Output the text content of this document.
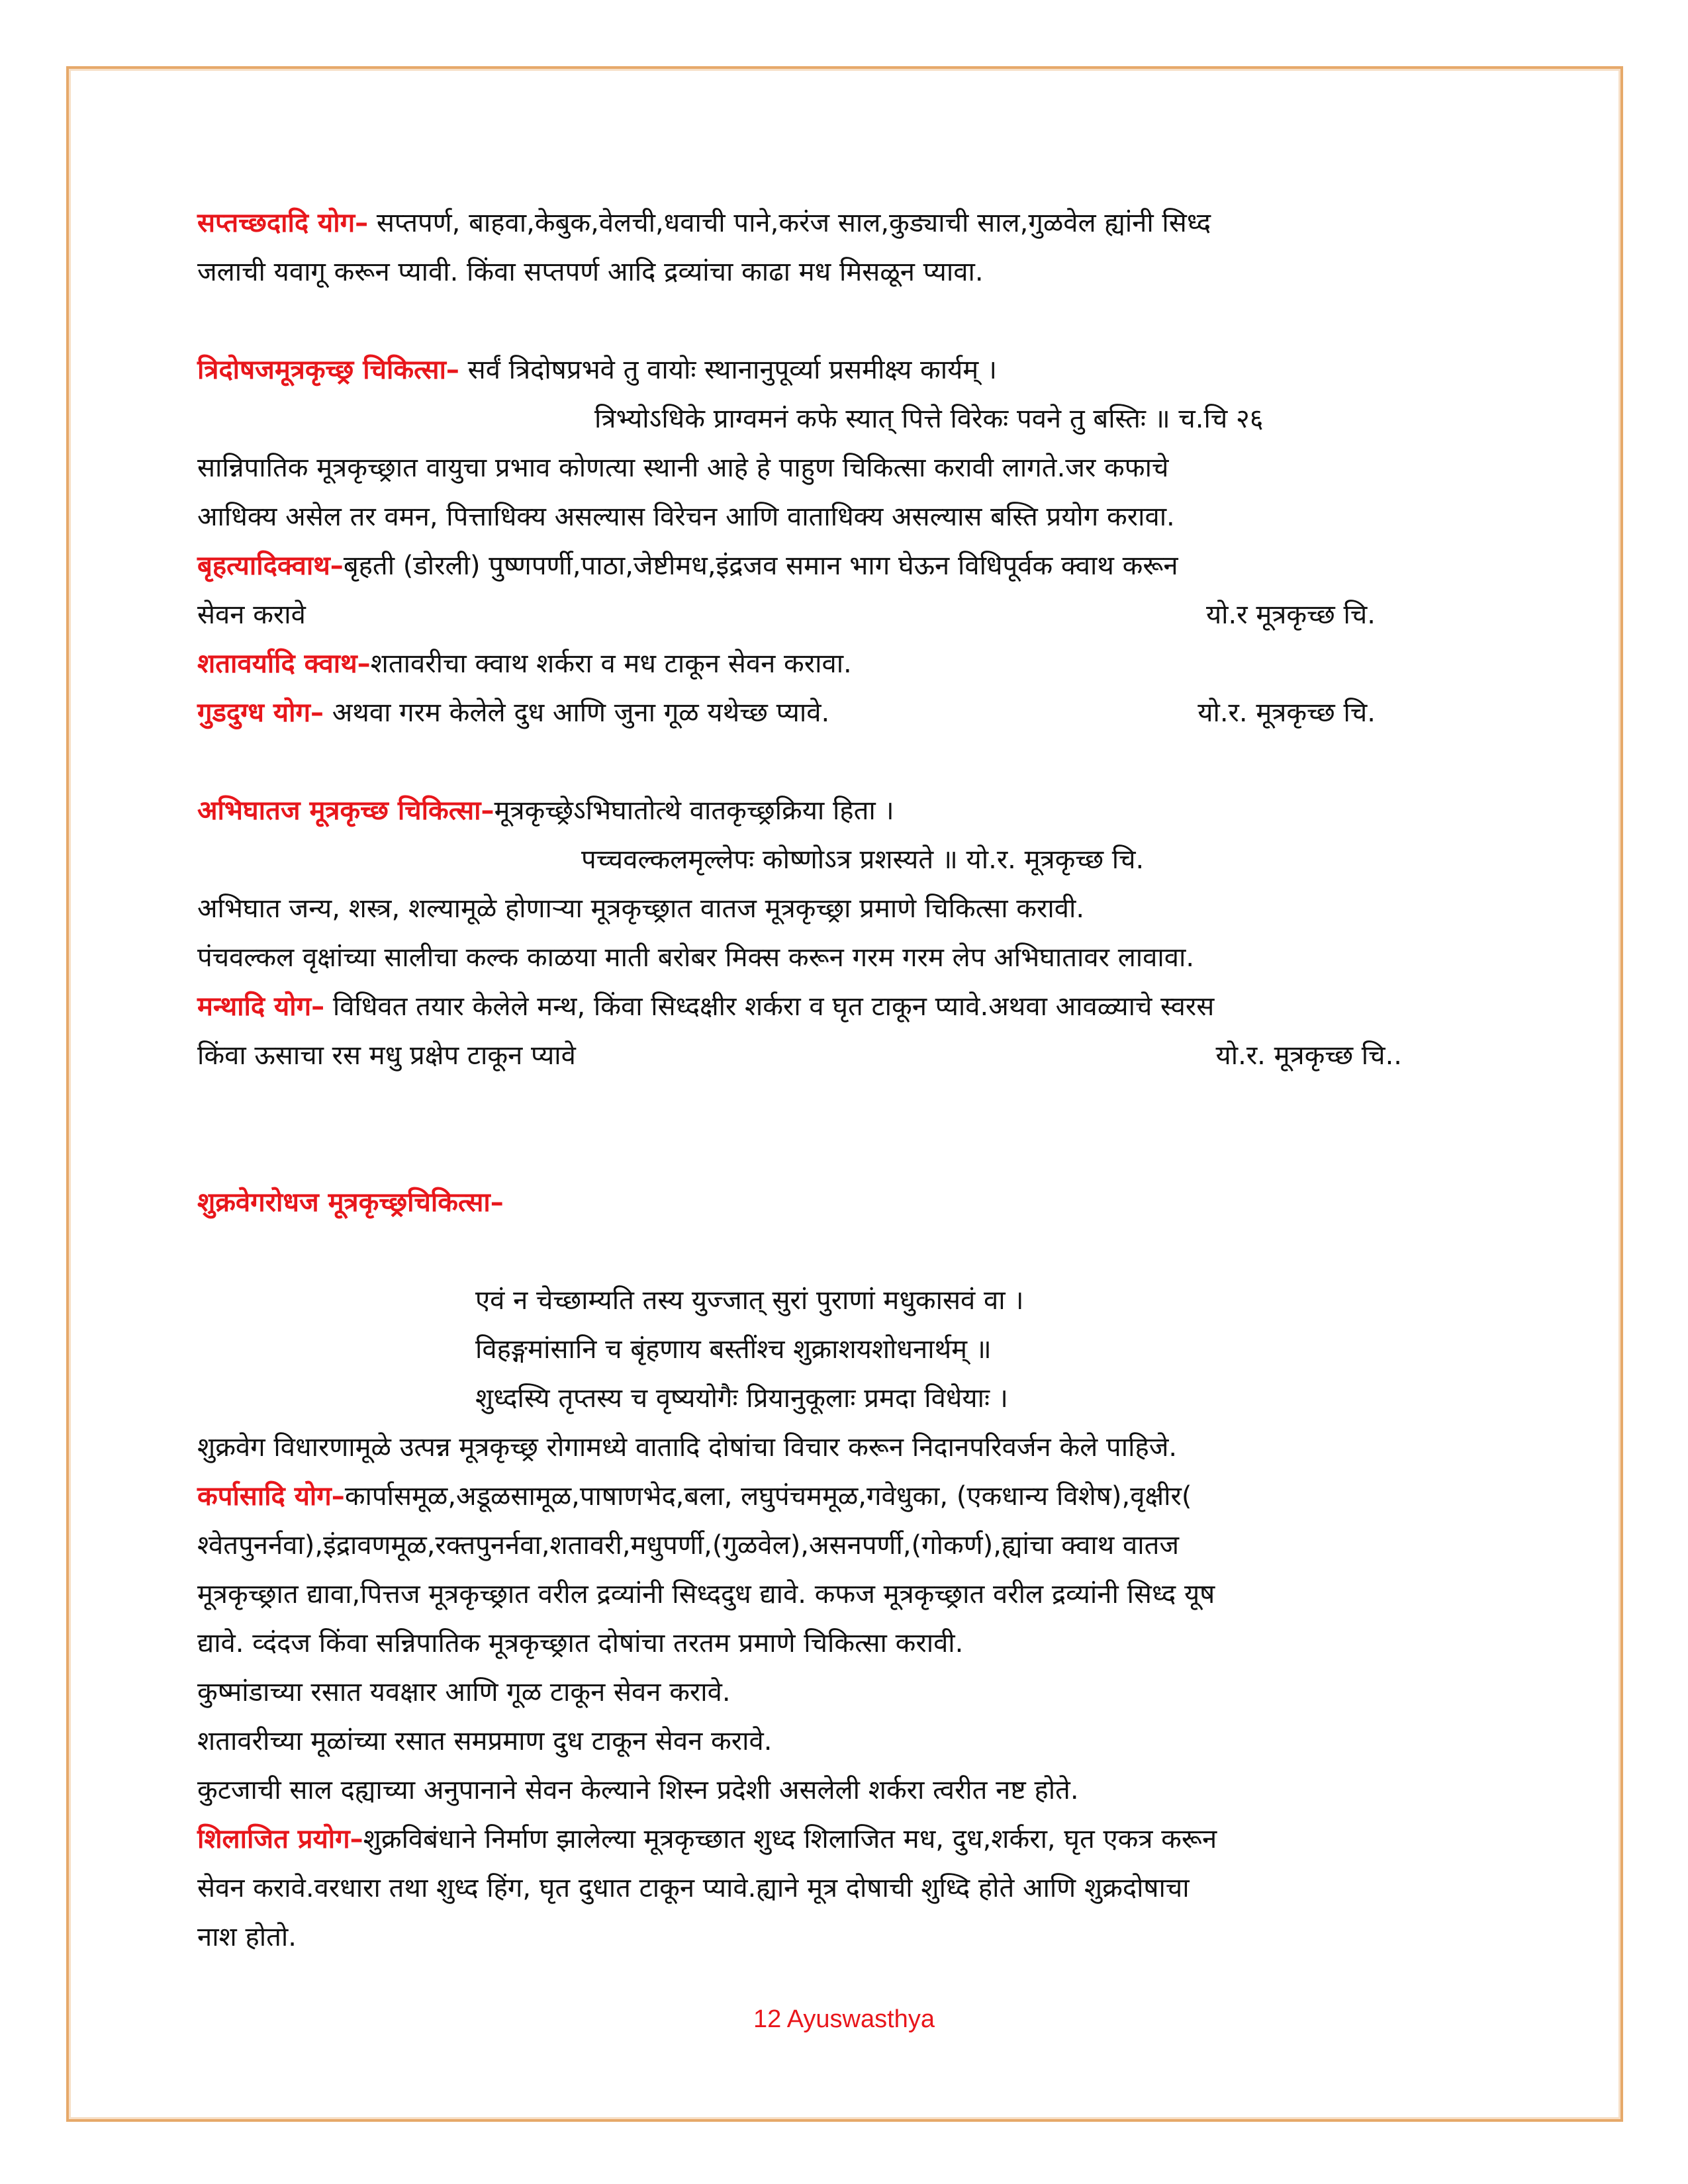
सप्तच्छदादि योग– सप्तपर्ण, बाहवा,केबुक,वेलची,धवाची पाने,करंज साल,कुड्याची साल,गुळवेल ह्यांनी सिध्द

जलाची यवागू करून प्यावी. किंवा सप्तपर्ण आदि द्रव्यांचा काढा मध मिसळून प्यावा.

त्रिदोषजमूत्रकृच्छ्र चिकित्सा– सर्वं त्रिदोषप्रभवे तु वायोः स्थानानुपूर्व्या प्रसमीक्ष्य कार्यम् ।

त्रिभ्योऽधिके प्राग्वमनं कफे स्यात् पित्ते विरेकः पवने तु बस्तिः ॥ च.चि २६

सान्निपातिक मूत्रकृच्छ्रात वायुचा प्रभाव कोणत्या स्थानी आहे हे पाहुण चिकित्सा करावी लागते.जर कफाचे

आधिक्य असेल तर वमन, पित्ताधिक्य असल्यास विरेचन आणि वाताधिक्य असल्यास बस्ति प्रयोग करावा.

बृहत्यादिक्वाथ–बृहती (डोरली) पुष्णपर्णी,पाठा,जेष्टीमध,इंद्रजव समान भाग घेऊन विधिपूर्वक क्वाथ करून

सेवन करावे	यो.र मूत्रकृच्छ चि.

शतावर्यादि क्वाथ–शतावरीचा क्वाथ शर्करा व मध टाकून सेवन करावा.

गुडदुग्ध योग– अथवा गरम केलेले दुध आणि जुना गूळ यथेच्छ प्यावे.	यो.र. मूत्रकृच्छ चि.

अभिघातज मूत्रकृच्छ चिकित्सा–मूत्रकृच्छ्रेऽभिघातोत्थे वातकृच्छ्रक्रिया हिता ।

पच्चवल्कलमृल्लेपः कोष्णोऽत्र प्रशस्यते ॥ यो.र. मूत्रकृच्छ चि.

अभिघात जन्य, शस्त्र, शल्यामूळे होणाऱ्या मूत्रकृच्छ्रात वातज मूत्रकृच्छ्रा प्रमाणे चिकित्सा करावी.

पंचवल्कल वृक्षांच्या सालीचा कल्क काळया माती बरोबर मिक्स करून गरम गरम लेप अभिघातावर लावावा.

मन्थादि योग– विधिवत तयार केलेले मन्थ, किंवा सिध्दक्षीर शर्करा व घृत टाकून प्यावे.अथवा आवळ्याचे स्वरस

किंवा ऊसाचा रस मधु प्रक्षेप टाकून प्यावे	यो.र. मूत्रकृच्छ चि..

शुक्रवेगरोधज मूत्रकृच्छ्रचिकित्सा–

एवं न चेच्छाम्यति तस्य युज्जात् सुरां पुराणां मधुकासवं वा ।

विहङ्गमांसानि च बृंहणाय बस्तींश्च शुक्राशयशोधनार्थम् ॥

शुध्दस्यि तृप्तस्य च वृष्ययोगैः प्रियानुकूलाः प्रमदा विधेयाः ।

शुक्रवेग विधारणामूळे उत्पन्न मूत्रकृच्छ्र रोगामध्ये वातादि दोषांचा विचार करून निदानपरिवर्जन केले पाहिजे.

कर्पासादि योग–कार्पासमूळ,अडूळसामूळ,पाषाणभेद,बला, लघुपंचममूळ,गवेधुका, (एकधान्य विशेष),वृक्षीर(

श्वेतपुनर्नवा),इंद्रावणमूळ,रक्तपुनर्नवा,शतावरी,मधुपर्णी,(गुळवेल),असनपर्णी,(गोकर्ण),ह्यांचा क्वाथ वातज

मूत्रकृच्छ्रात द्यावा,पित्तज मूत्रकृच्छ्रात वरील द्रव्यांनी सिध्ददुध द्यावे. कफज मूत्रकृच्छ्रात वरील द्रव्यांनी सिध्द यूष

द्यावे. व्दंदज किंवा सन्निपातिक मूत्रकृच्छ्रात दोषांचा तरतम प्रमाणे चिकित्सा करावी.

कुष्मांडाच्या रसात यवक्षार आणि गूळ टाकून सेवन करावे.

शतावरीच्या मूळांच्या रसात समप्रमाण दुध टाकून सेवन करावे.

कुटजाची साल दह्याच्या अनुपानाने सेवन केल्याने शिस्न प्रदेशी असलेली शर्करा त्वरीत नष्ट होते.

शिलाजित प्रयोग–शुक्रविबंधाने निर्माण झालेल्या मूत्रकृच्छात शुध्द शिलाजित मध, दुध,शर्करा, घृत एकत्र करून

सेवन करावे.वरधारा तथा शुध्द हिंग, घृत दुधात टाकून प्यावे.ह्याने मूत्र दोषाची शुध्दि होते आणि शुक्रदोषाचा

नाश होतो.

12 Ayuswasthya
